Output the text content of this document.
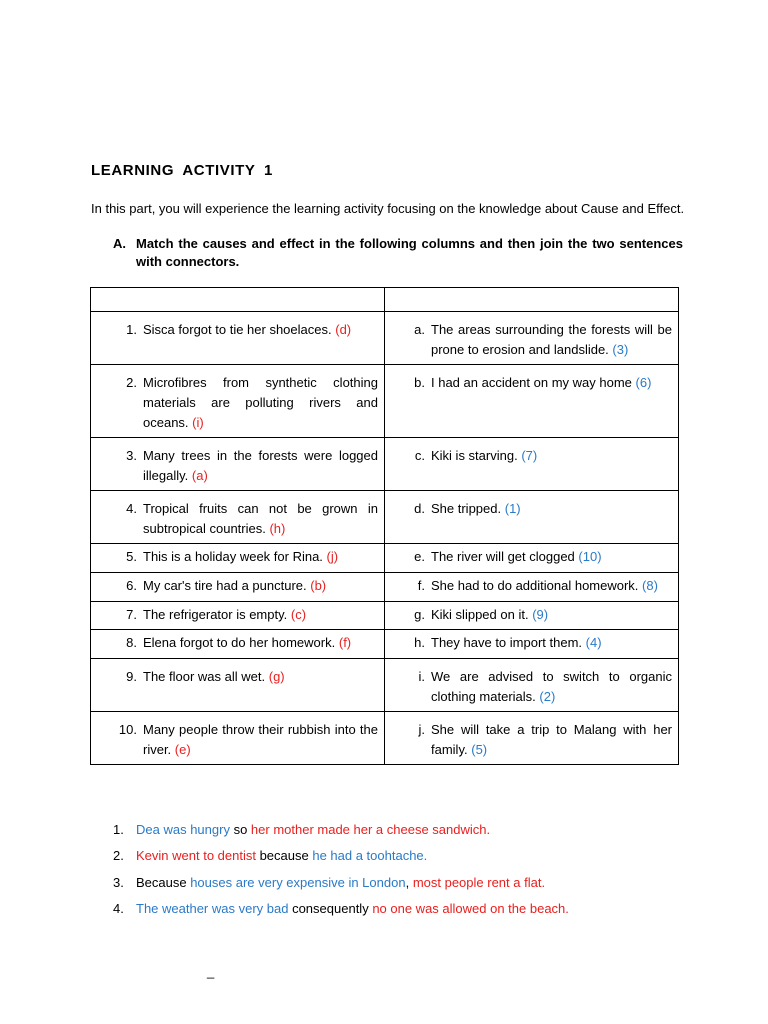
LEARNING ACTIVITY 1
In this part, you will experience the learning activity focusing on the knowledge about Cause and Effect.
A. Match the causes and effect in the following columns and then join the two sentences with connectors.

1. Sisca forgot to tie her shoelaces. (d)	a. The areas surrounding the forests will be prone to erosion and landslide. (3)

2. Microfibres from synthetic clothing materials are polluting rivers and oceans. (i)	b. I had an accident on my way home (6)

3. Many trees in the forests were logged illegally. (a)	c. Kiki is starving. (7)

4. Tropical fruits can not be grown in subtropical countries. (h)	d. She tripped. (1)

5. This is a holiday week for Rina. (j)	e. The river will get clogged (10)

6. My car's tire had a puncture. (b)	f. She had to do additional homework. (8)

7. The refrigerator is empty. (c)	g. Kiki slipped on it. (9)

8. Elena forgot to do her homework. (f)	h. They have to import them. (4)

9. The floor was all wet. (g)	i. We are advised to switch to organic clothing materials. (2)

10. Many people throw their rubbish into the river. (e)	j. She will take a trip to Malang with her family. (5)
1. Dea was hungry so her mother made her a cheese sandwich.
2. Kevin went to dentist because he had a toohtache.
3. Because houses are very expensive in London, most people rent a flat.
4. The weather was very bad consequently no one was allowed on the beach.
_
